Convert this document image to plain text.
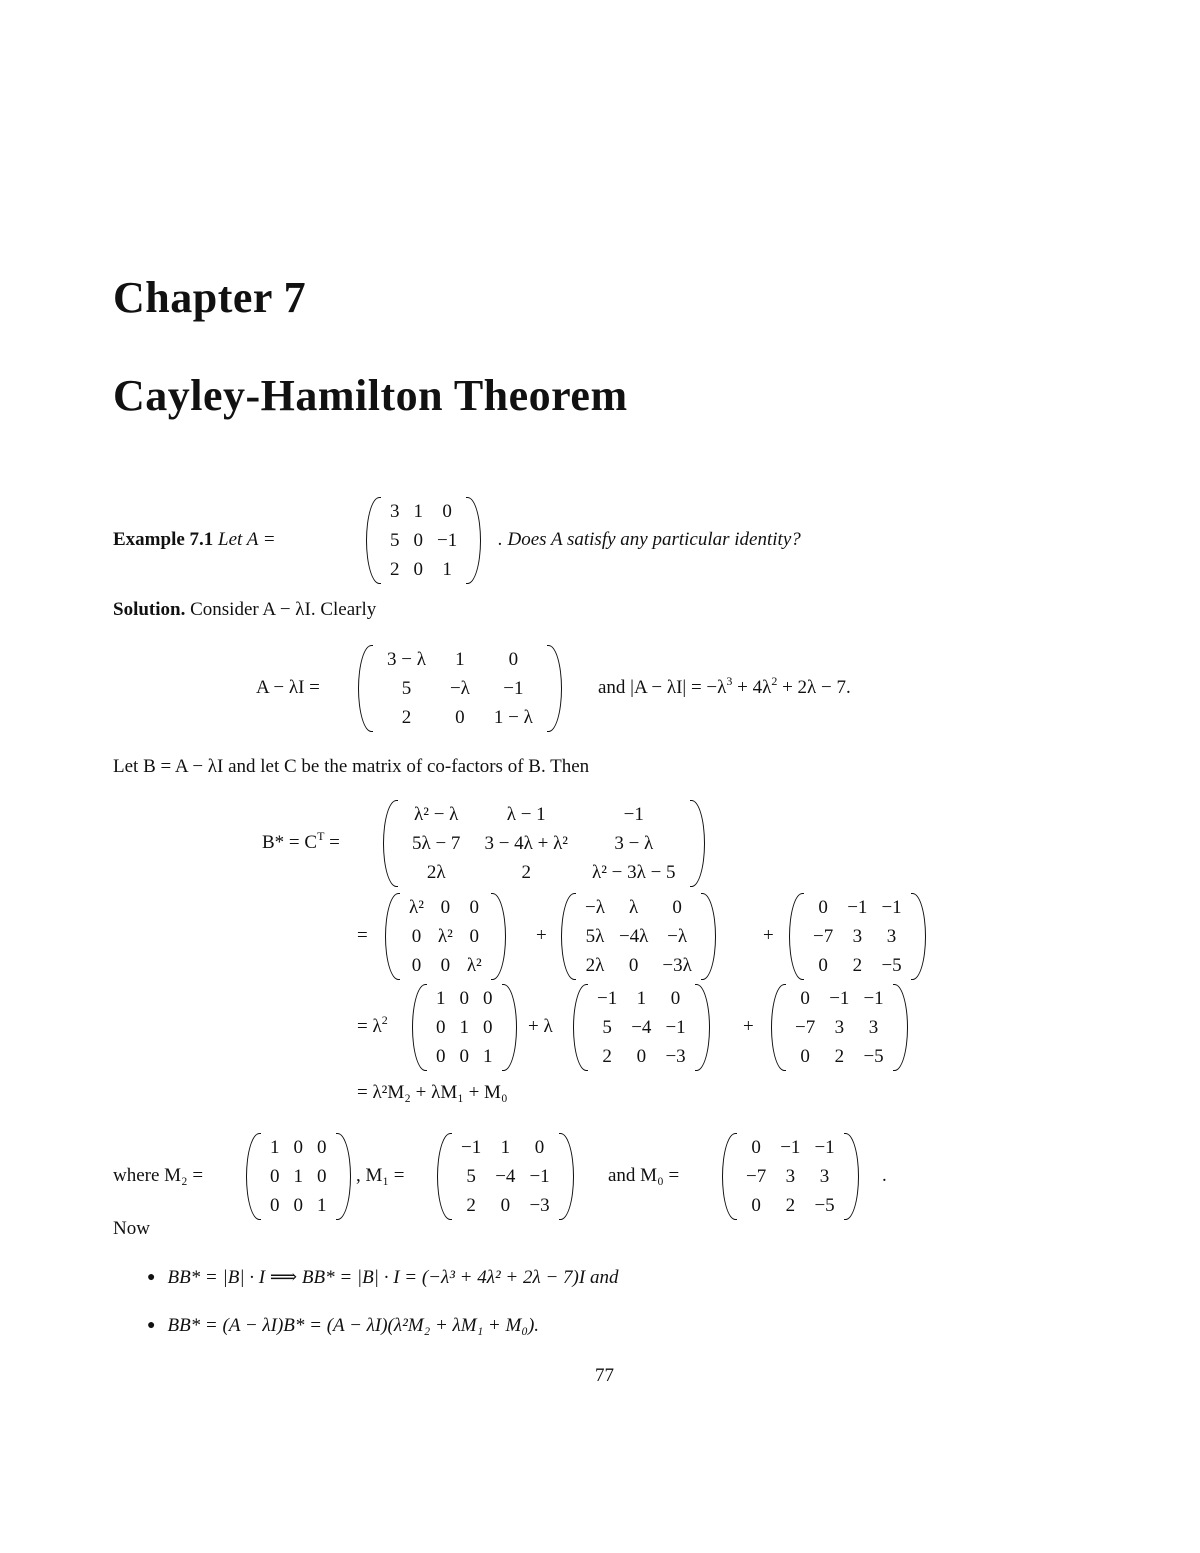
Chapter 7
Cayley-Hamilton Theorem
Example 7.1 Let A =
3	1	0
5	0	−1
2	0	1
. Does A satisfy any particular identity?
Solution. Consider A − λI. Clearly
A − λI =
3 − λ	1	0
5	−λ	−1
2	0	1 − λ
and $|A - \lambda I| = -\lambda^3 + 4\lambda^2 + 2\lambda - 7$.
Let B = A − λI and let C be the matrix of co-factors of B. Then
$B* = C^T$ =
λ² − λ	λ − 1	−1
5λ − 7	3 − 4λ + λ²	3 − λ
2λ	2	λ² − 3λ − 5
=
λ²	0	0
0	λ²	0
0	0	λ²
+
−λ	λ	0
5λ	−4λ	−λ
2λ	0	−3λ
+
0	−1	−1
−7	3	3
0	2	−5
= $\lambda^2$
1	0	0
0	1	0
0	0	1
+ λ
−1	1	0
5	−4	−1
2	0	−3
+
0	−1	−1
−7	3	3
0	2	−5
= λ²M₂ + λM₁ + M₀
where M₂ =
1	0	0
0	1	0
0	0	1
, M₁ =
−1	1	0
5	−4	−1
2	0	−3
and M₀ =
0	−1	−1
−7	3	3
0	2	−5
.
Now
● BB* = |B| · I ⟹ BB* = |B| · I = (−λ³ + 4λ² + 2λ − 7)I and
● BB* = (A − λI)B* = (A − λI)(λ²M₂ + λM₁ + M₀).
77
